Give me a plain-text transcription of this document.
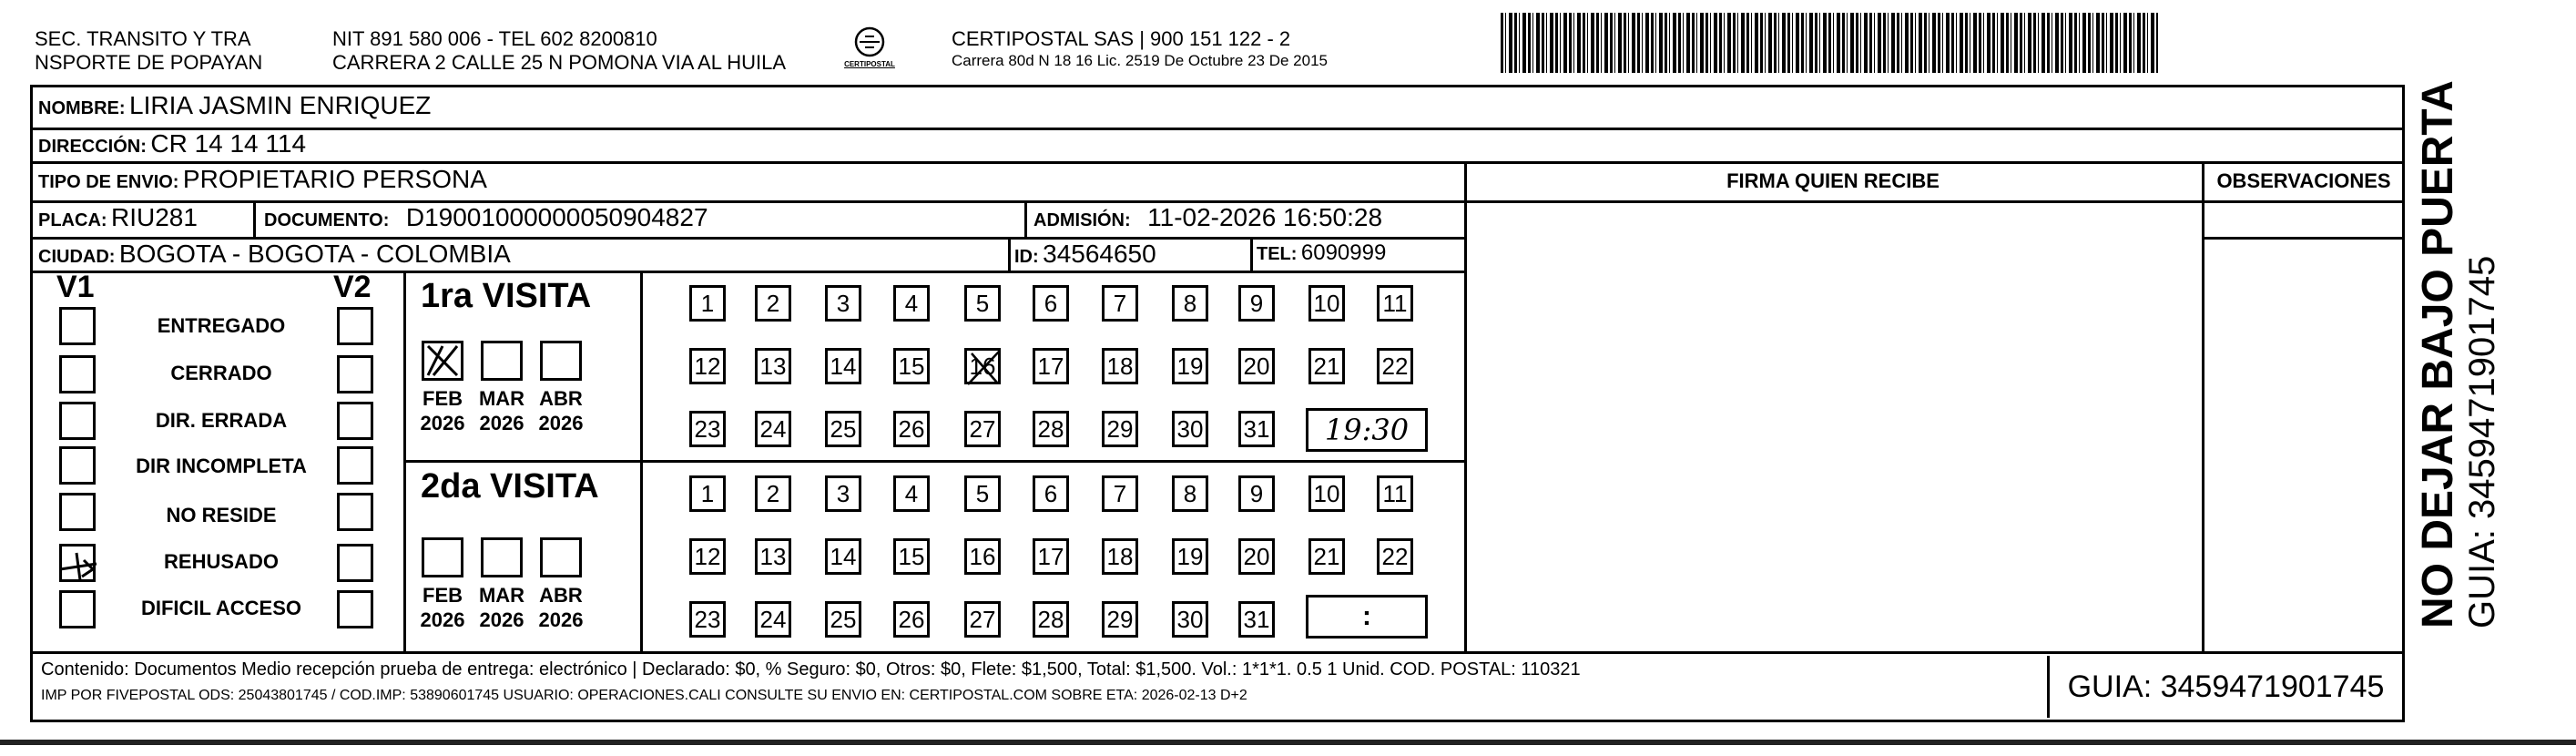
SEC. TRANSITO Y TRA
NSPORTE DE POPAYAN
NIT 891 580 006 - TEL 602 8200810
CARRERA 2 CALLE 25 N POMONA VIA AL HUILA	CERTIPOSTAL
CERTIPOSTAL SAS | 900 151 122 - 2
Carrera 80d N 18 16 Lic. 2519 De Octubre 23 De 2015
NOMBRE: LIRIA JASMIN ENRIQUEZ
DIRECCIÓN: CR 14 14 114
TIPO DE ENVIO: PROPIETARIO PERSONA
PLACA: RIU281	DOCUMENTO: D19001000000050904827	ADMISIÓN: 11-02-2026 16:50:28
CIUDAD: BOGOTA - BOGOTA - COLOMBIA	ID: 34564650	TEL: 6090999
FIRMA QUIEN RECIBE	OBSERVACIONES
V1	V2
ENTREGADO
CERRADO
DIR. ERRADA
DIR INCOMPLETA
NO RESIDE
REHUSADO
DIFICIL ACCESO
1ra VISITA
2da VISITA
FEB
2026
MAR
2026
ABR
2026
FEB
2026
MAR
2026
ABR
2026
1	2	3	4	5	6	7	8	9	10 11
12 13 14 15 16 17 18 19 20 21 22
23 24 25 26 27 28 29 30 31
1	2	3	4	5	6	7	8	9	10 11
12 13 14 15 16 17 18 19 20 21 22
23 24 25 26 27 28 29 30 31
19:30
:
Contenido: Documentos Medio recepción prueba de entrega: electrónico | Declarado: $0, % Seguro: $0, Otros: $0, Flete: $1,500, Total: $1,500. Vol.: 1*1*1. 0.5 1 Unid. COD. POSTAL: 110321
IMP POR FIVEPOSTAL ODS: 25043801745 / COD.IMP: 53890601745 USUARIO: OPERACIONES.CALI CONSULTE SU ENVIO EN: CERTIPOSTAL.COM SOBRE ETA: 2026-02-13 D+2	GUIA: 3459471901745
NO DEJAR BAJO PUERTA GUIA: 3459471901745
